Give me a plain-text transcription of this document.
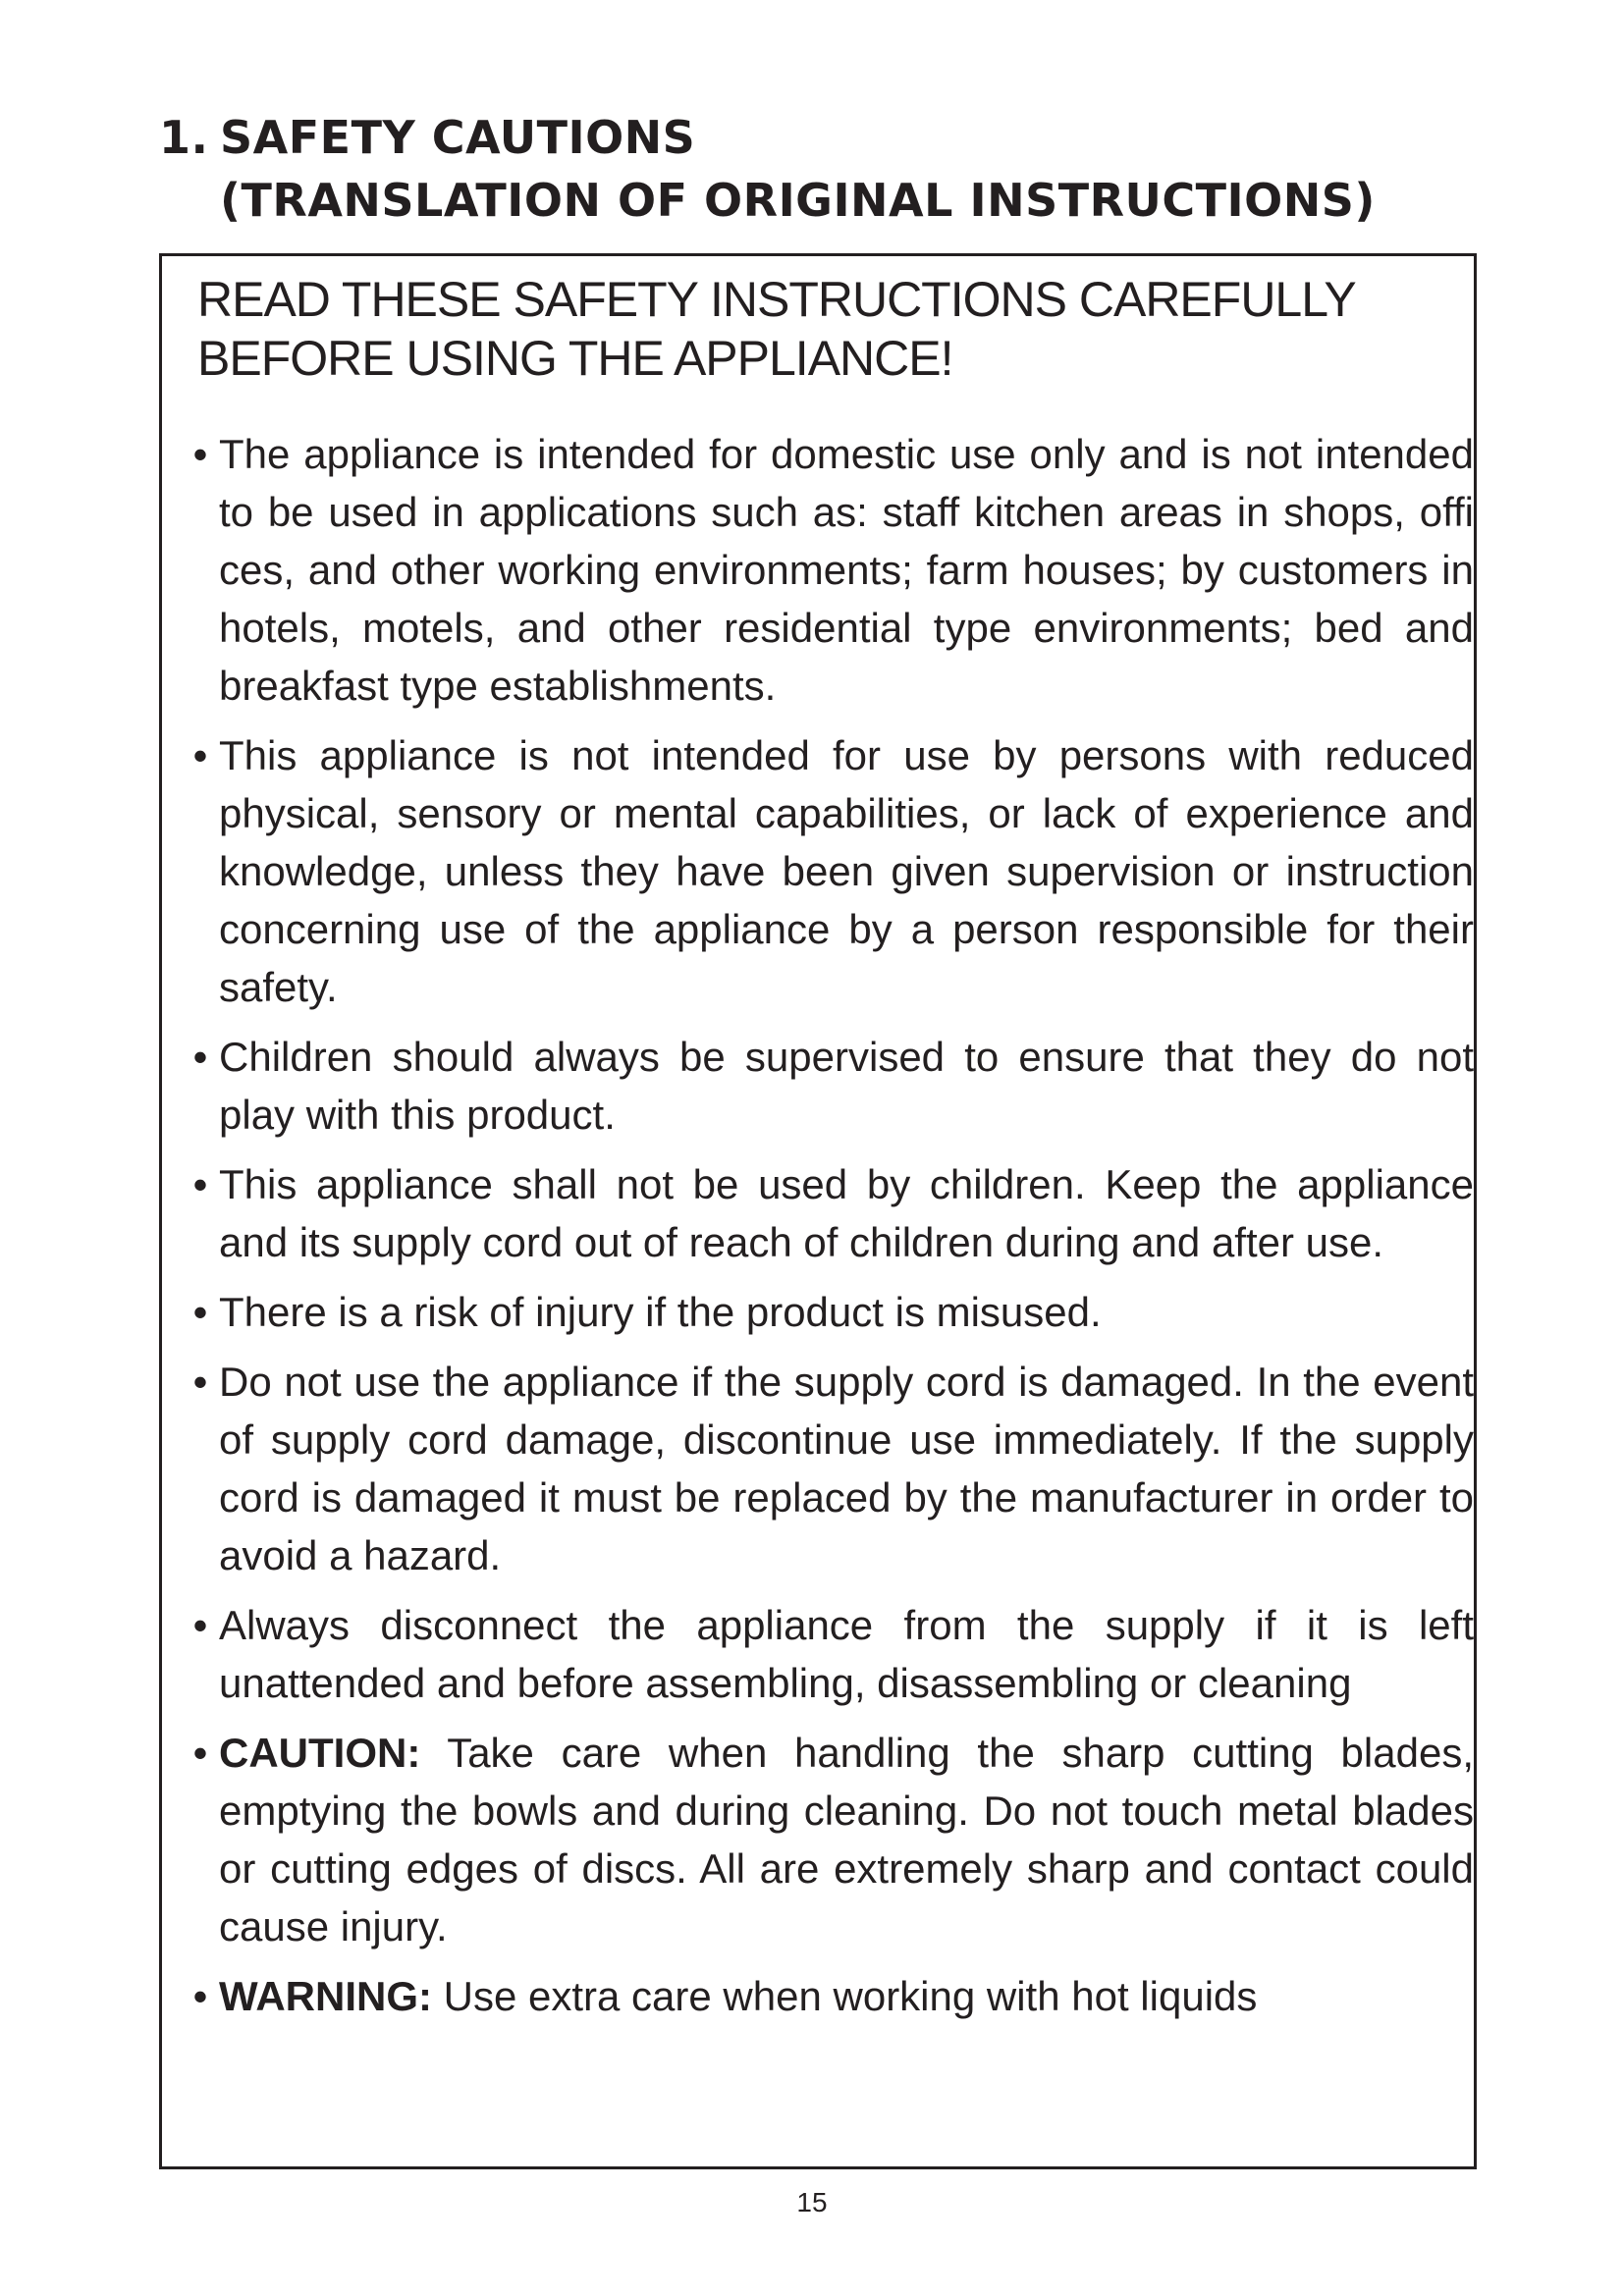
1. SAFETY CAUTIONS
(TRANSLATION OF ORIGINAL INSTRUCTIONS)
READ THESE SAFETY INSTRUCTIONS CAREFULLY BEFORE USING THE APPLIANCE!
• The appliance is intended for domestic use only and is not intended to be used in applications such as: staff kitchen areas in shops, offi ces, and other working environments; farm houses; by customers in hotels, motels, and other residential type environments; bed and breakfast type establishments.
• This appliance is not intended for use by persons with reduced physical, sensory or mental capabilities, or lack of experience and knowledge, unless they have been given supervision or instruction concerning use of the appliance by a person responsible for their safety.
• Children should always be supervised to ensure that they do not play with this product.
• This appliance shall not be used by children. Keep the appliance and its supply cord out of reach of children during and after use.
• There is a risk of injury if the product is misused.
• Do not use the appliance if the supply cord is damaged. In the event of supply cord damage, discontinue use immediately. If the supply cord is damaged it must be replaced by the manufacturer in order to avoid a hazard.
• Always disconnect the appliance from the supply if it is left unattended and before assembling, disassembling or cleaning
• CAUTION: Take care when handling the sharp cutting blades, emptying the bowls and during cleaning. Do not touch metal blades or cutting edges of discs. All are extremely sharp and contact could cause injury.
• WARNING: Use extra care when working with hot liquids
15
